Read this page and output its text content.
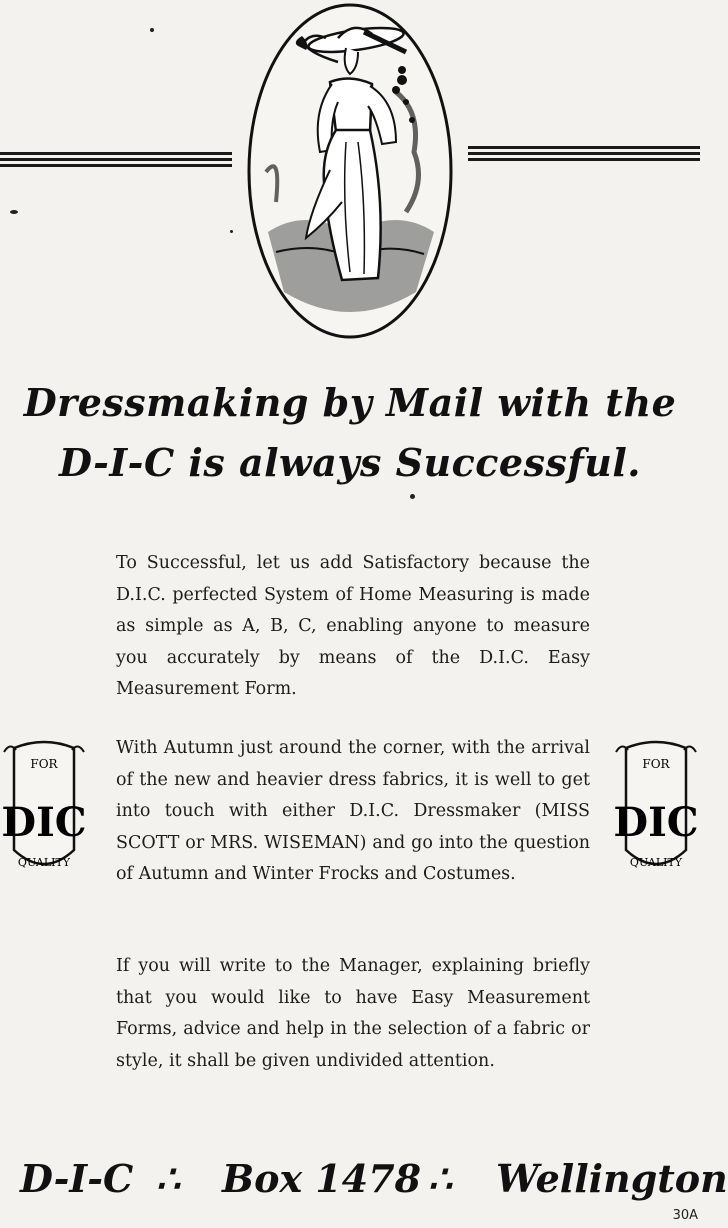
Dressmaking by Mail with the
D-I-C is always Successful.
To Successful, let us add Satisfactory because the D.I.C. perfected System of Home Measuring is made as simple as A, B, C, enabling anyone to measure you accurately by means of the D.I.C. Easy Measurement Form.
With Autumn just around the corner, with the arrival of the new and heavier dress fabrics, it is well to get into touch with either D.I.C. Dressmaker (MISS SCOTT or MRS. WISEMAN) and go into the question of Autumn and Winter Frocks and Costumes.
If you will write to the Manager, explaining briefly that you would like to have Easy Measurement Forms, advice and help in the selection of a fabric or style, it shall be given undivided attention.
FOR
DIC
QUALITY
FOR
DIC
QUALITY
D-I-C ∴ Box 1478 ∴ Wellington
30A
